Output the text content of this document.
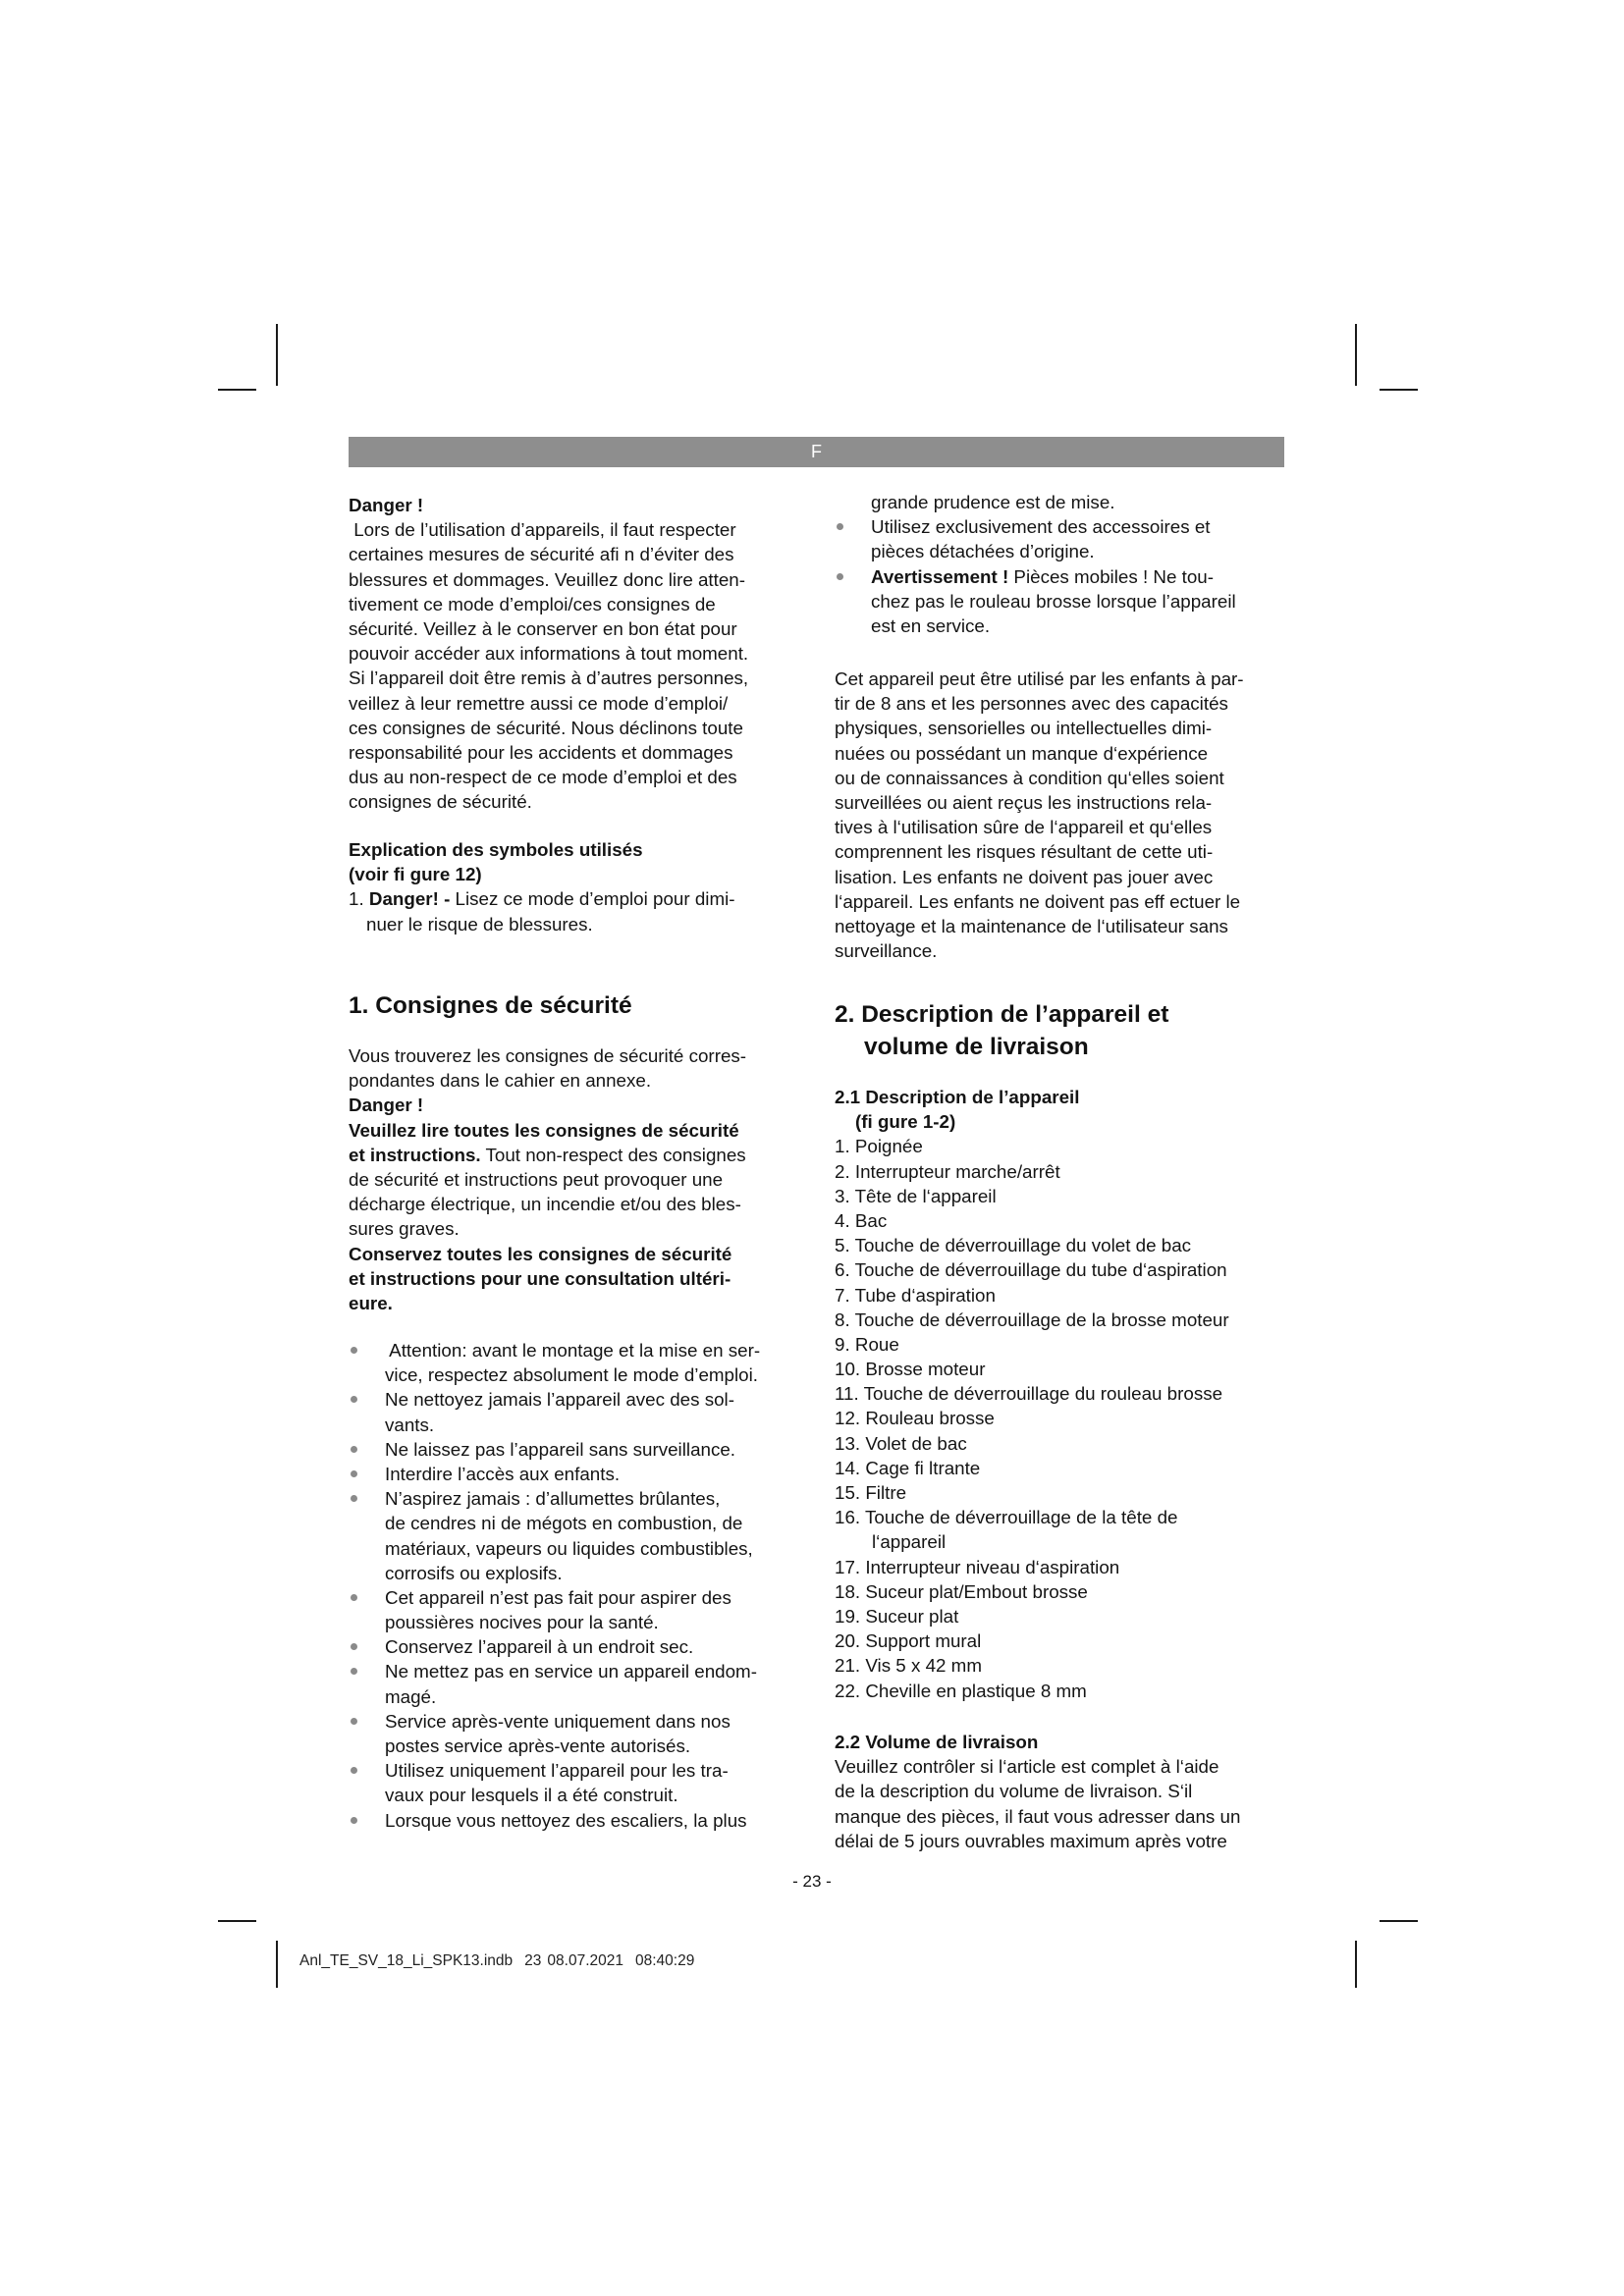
F
Danger !
Lors de l’utilisation d’appareils, il faut respecter
certaines mesures de sécurité afi n d’éviter des
blessures et dommages. Veuillez donc lire atten-
tivement ce mode d’emploi/ces consignes de
sécurité. Veillez à le conserver en bon état pour
pouvoir accéder aux informations à tout moment.
Si l’appareil doit être remis à d’autres personnes,
veillez à leur remettre aussi ce mode d’emploi/
ces consignes de sécurité. Nous déclinons toute
responsabilité pour les accidents et dommages
dus au non-respect de ce mode d’emploi et des
consignes de sécurité.
Explication des symboles utilisés
(voir fi gure 12)
1. Danger! - Lisez ce mode d’emploi pour dimi-
nuer le risque de blessures.
1. Consignes de sécurité
Vous trouverez les consignes de sécurité corres-
pondantes dans le cahier en annexe.
Danger !
Veuillez lire toutes les consignes de sécurité
et instructions. Tout non-respect des consignes
de sécurité et instructions peut provoquer une
décharge électrique, un incendie et/ou des bles-
sures graves.
Conservez toutes les consignes de sécurité
et instructions pour une consultation ultéri-
eure.
Attention: avant le montage et la mise en ser-
vice, respectez absolument le mode d’emploi.
Ne nettoyez jamais l’appareil avec des sol-
vants.
Ne laissez pas l’appareil sans surveillance.
Interdire l’accès aux enfants.
N’aspirez jamais : d’allumettes brûlantes,
de cendres ni de mégots en combustion, de
matériaux, vapeurs ou liquides combustibles,
corrosifs ou explosifs.
Cet appareil n’est pas fait pour aspirer des
poussières nocives pour la santé.
Conservez l’appareil à un endroit sec.
Ne mettez pas en service un appareil endom-
magé.
Service après-vente uniquement dans nos
postes service après-vente autorisés.
Utilisez uniquement l’appareil pour les tra-
vaux pour lesquels il a été construit.
Lorsque vous nettoyez des escaliers, la plus
grande prudence est de mise.
Utilisez exclusivement des accessoires et
pièces détachées d’origine.
Avertissement ! Pièces mobiles ! Ne tou-
chez pas le rouleau brosse lorsque l’appareil
est en service.
Cet appareil peut être utilisé par les enfants à par-
tir de 8 ans et les personnes avec des capacités
physiques, sensorielles ou intellectuelles dimi-
nuées ou possédant un manque d‘expérience
ou de connaissances à condition qu‘elles soient
surveillées ou aient reçus les instructions rela-
tives à l‘utilisation sûre de l‘appareil et qu‘elles
comprennent les risques résultant de cette uti-
lisation. Les enfants ne doivent pas jouer avec
l‘appareil. Les enfants ne doivent pas eff ectuer le
nettoyage et la maintenance de l‘utilisateur sans
surveillance.
2. Description de l’appareil et
volume de livraison
2.1 Description de l’appareil
(fi gure 1-2)
1. Poignée
2. Interrupteur marche/arrêt
3. Tête de l‘appareil
4. Bac
5. Touche de déverrouillage du volet de bac
6. Touche de déverrouillage du tube d‘aspiration
7. Tube d‘aspiration
8. Touche de déverrouillage de la brosse moteur
9. Roue
10. Brosse moteur
11. Touche de déverrouillage du rouleau brosse
12. Rouleau brosse
13. Volet de bac
14. Cage fi ltrante
15. Filtre
16. Touche de déverrouillage de la tête de
l‘appareil
17. Interrupteur niveau d‘aspiration
18. Suceur plat/Embout brosse
19. Suceur plat
20. Support mural
21. Vis 5 x 42 mm
22. Cheville en plastique 8 mm
2.2 Volume de livraison
Veuillez contrôler si l‘article est complet à l‘aide
de la description du volume de livraison. S‘il
manque des pièces, il faut vous adresser dans un
délai de 5 jours ouvrables maximum après votre
- 23 -
Anl_TE_SV_18_Li_SPK13.indb 23 08.07.2021 08:40:29
